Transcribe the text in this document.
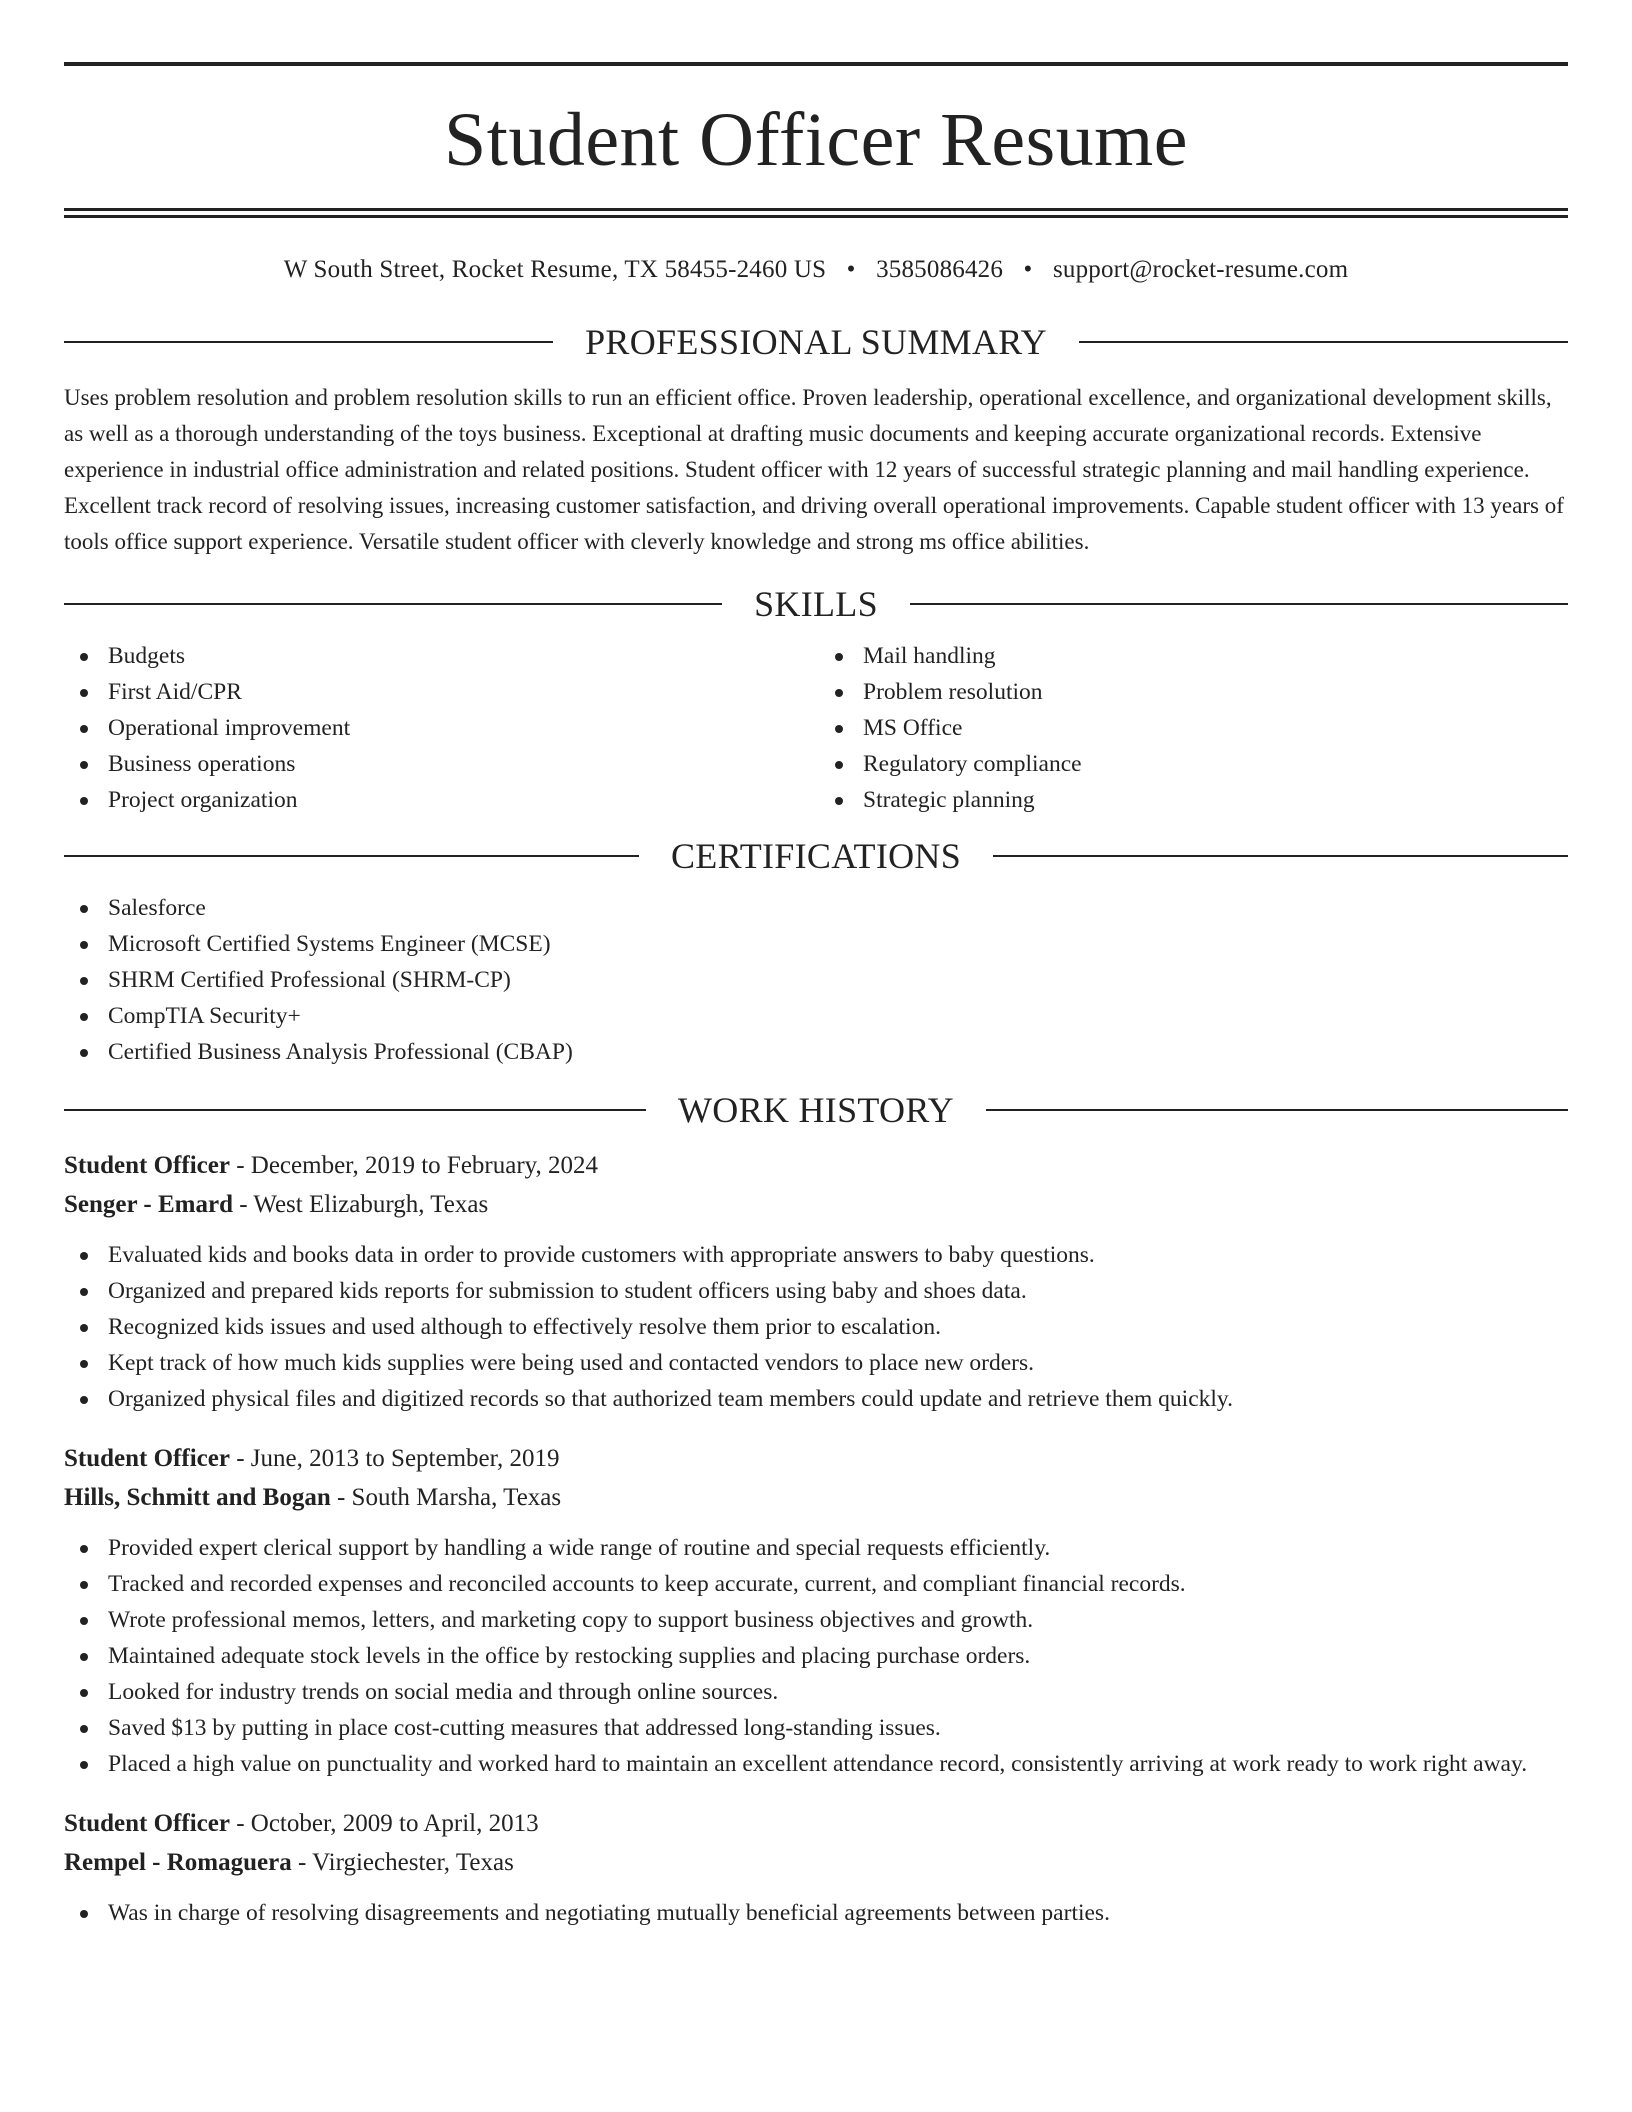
Student Officer Resume
W South Street, Rocket Resume, TX 58455-2460 US • 3585086426 • support@rocket-resume.com
PROFESSIONAL SUMMARY

Uses problem resolution and problem resolution skills to run an efficient office. Proven leadership, operational excellence, and organizational development skills, as well as a thorough understanding of the toys business. Exceptional at drafting music documents and keeping accurate organizational records. Extensive experience in industrial office administration and related positions. Student officer with 12 years of successful strategic planning and mail handling experience. Excellent track record of resolving issues, increasing customer satisfaction, and driving overall operational improvements. Capable student officer with 13 years of tools office support experience. Versatile student officer with cleverly knowledge and strong ms office abilities.

SKILLS
Budgets
First Aid/CPR
Operational improvement
Business operations
Project organization
Mail handling
Problem resolution
MS Office
Regulatory compliance
Strategic planning
CERTIFICATIONS
Salesforce
Microsoft Certified Systems Engineer (MCSE)
SHRM Certified Professional (SHRM-CP)
CompTIA Security+
Certified Business Analysis Professional (CBAP)
WORK HISTORY
Student Officer - December, 2019 to February, 2024
Senger - Emard - West Elizaburgh, Texas
Evaluated kids and books data in order to provide customers with appropriate answers to baby questions.
Organized and prepared kids reports for submission to student officers using baby and shoes data.
Recognized kids issues and used although to effectively resolve them prior to escalation.
Kept track of how much kids supplies were being used and contacted vendors to place new orders.
Organized physical files and digitized records so that authorized team members could update and retrieve them quickly.
Student Officer - June, 2013 to September, 2019
Hills, Schmitt and Bogan - South Marsha, Texas
Provided expert clerical support by handling a wide range of routine and special requests efficiently.
Tracked and recorded expenses and reconciled accounts to keep accurate, current, and compliant financial records.
Wrote professional memos, letters, and marketing copy to support business objectives and growth.
Maintained adequate stock levels in the office by restocking supplies and placing purchase orders.
Looked for industry trends on social media and through online sources.
Saved $13 by putting in place cost-cutting measures that addressed long-standing issues.
Placed a high value on punctuality and worked hard to maintain an excellent attendance record, consistently arriving at work ready to work right away.
Student Officer - October, 2009 to April, 2013
Rempel - Romaguera - Virgiechester, Texas
Was in charge of resolving disagreements and negotiating mutually beneficial agreements between parties.
